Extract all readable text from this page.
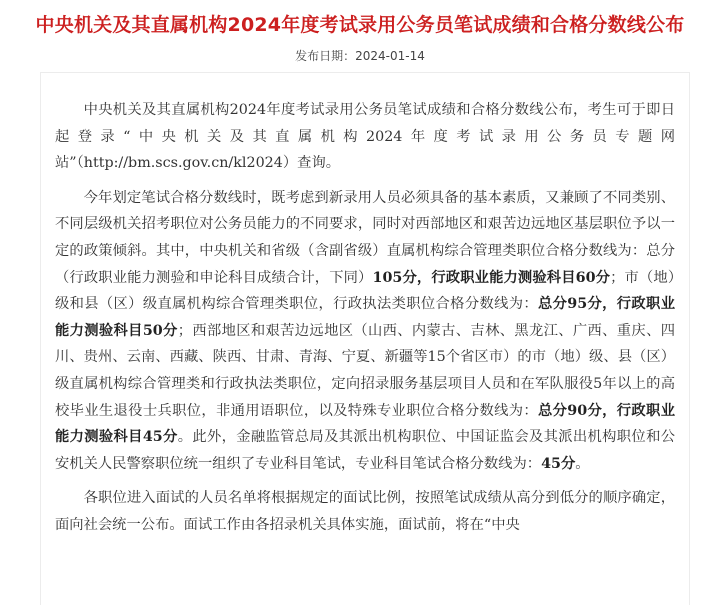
中央机关及其直属机构2024年度考试录用公务员笔试成绩和合格分数线公布
发布日期：2024-01-14

中央机关及其直属机构2024年度考试录用公务员笔试成绩和合格分数线公布，考生可于即日起登录“中央机关及其直属机构2024年度考试录用公务员专题网站”（http://bm.scs.gov.cn/kl2024）查询。

今年划定笔试合格分数线时，既考虑到新录用人员必须具备的基本素质，又兼顾了不同类别、不同层级机关招考职位对公务员能力的不同要求，同时对西部地区和艰苦边远地区基层职位予以一定的政策倾斜。其中，中央机关和省级（含副省级）直属机构综合管理类职位合格分数线为：总分（行政职业能力测验和申论科目成绩合计，下同）105分，行政职业能力测验科目60分；市（地）级和县（区）级直属机构综合管理类职位，行政执法类职位合格分数线为：总分95分，行政职业能力测验科目50分；西部地区和艰苦边远地区（山西、内蒙古、吉林、黑龙江、广西、重庆、四川、贵州、云南、西藏、陕西、甘肃、青海、宁夏、新疆等15个省区市）的市（地）级、县（区）级直属机构综合管理类和行政执法类职位，定向招录服务基层项目人员和在军队服役5年以上的高校毕业生退役士兵职位，非通用语职位，以及特殊专业职位合格分数线为：总分90分，行政职业能力测验科目45分。此外，金融监管总局及其派出机构职位、中国证监会及其派出机构职位和公安机关人民警察职位统一组织了专业科目笔试，专业科目笔试合格分数线为：45分。

各职位进入面试的人员名单将根据规定的面试比例，按照笔试成绩从高分到低分的顺序确定，面向社会统一公布。面试工作由各招录机关具体实施，面试前，将在“中央
